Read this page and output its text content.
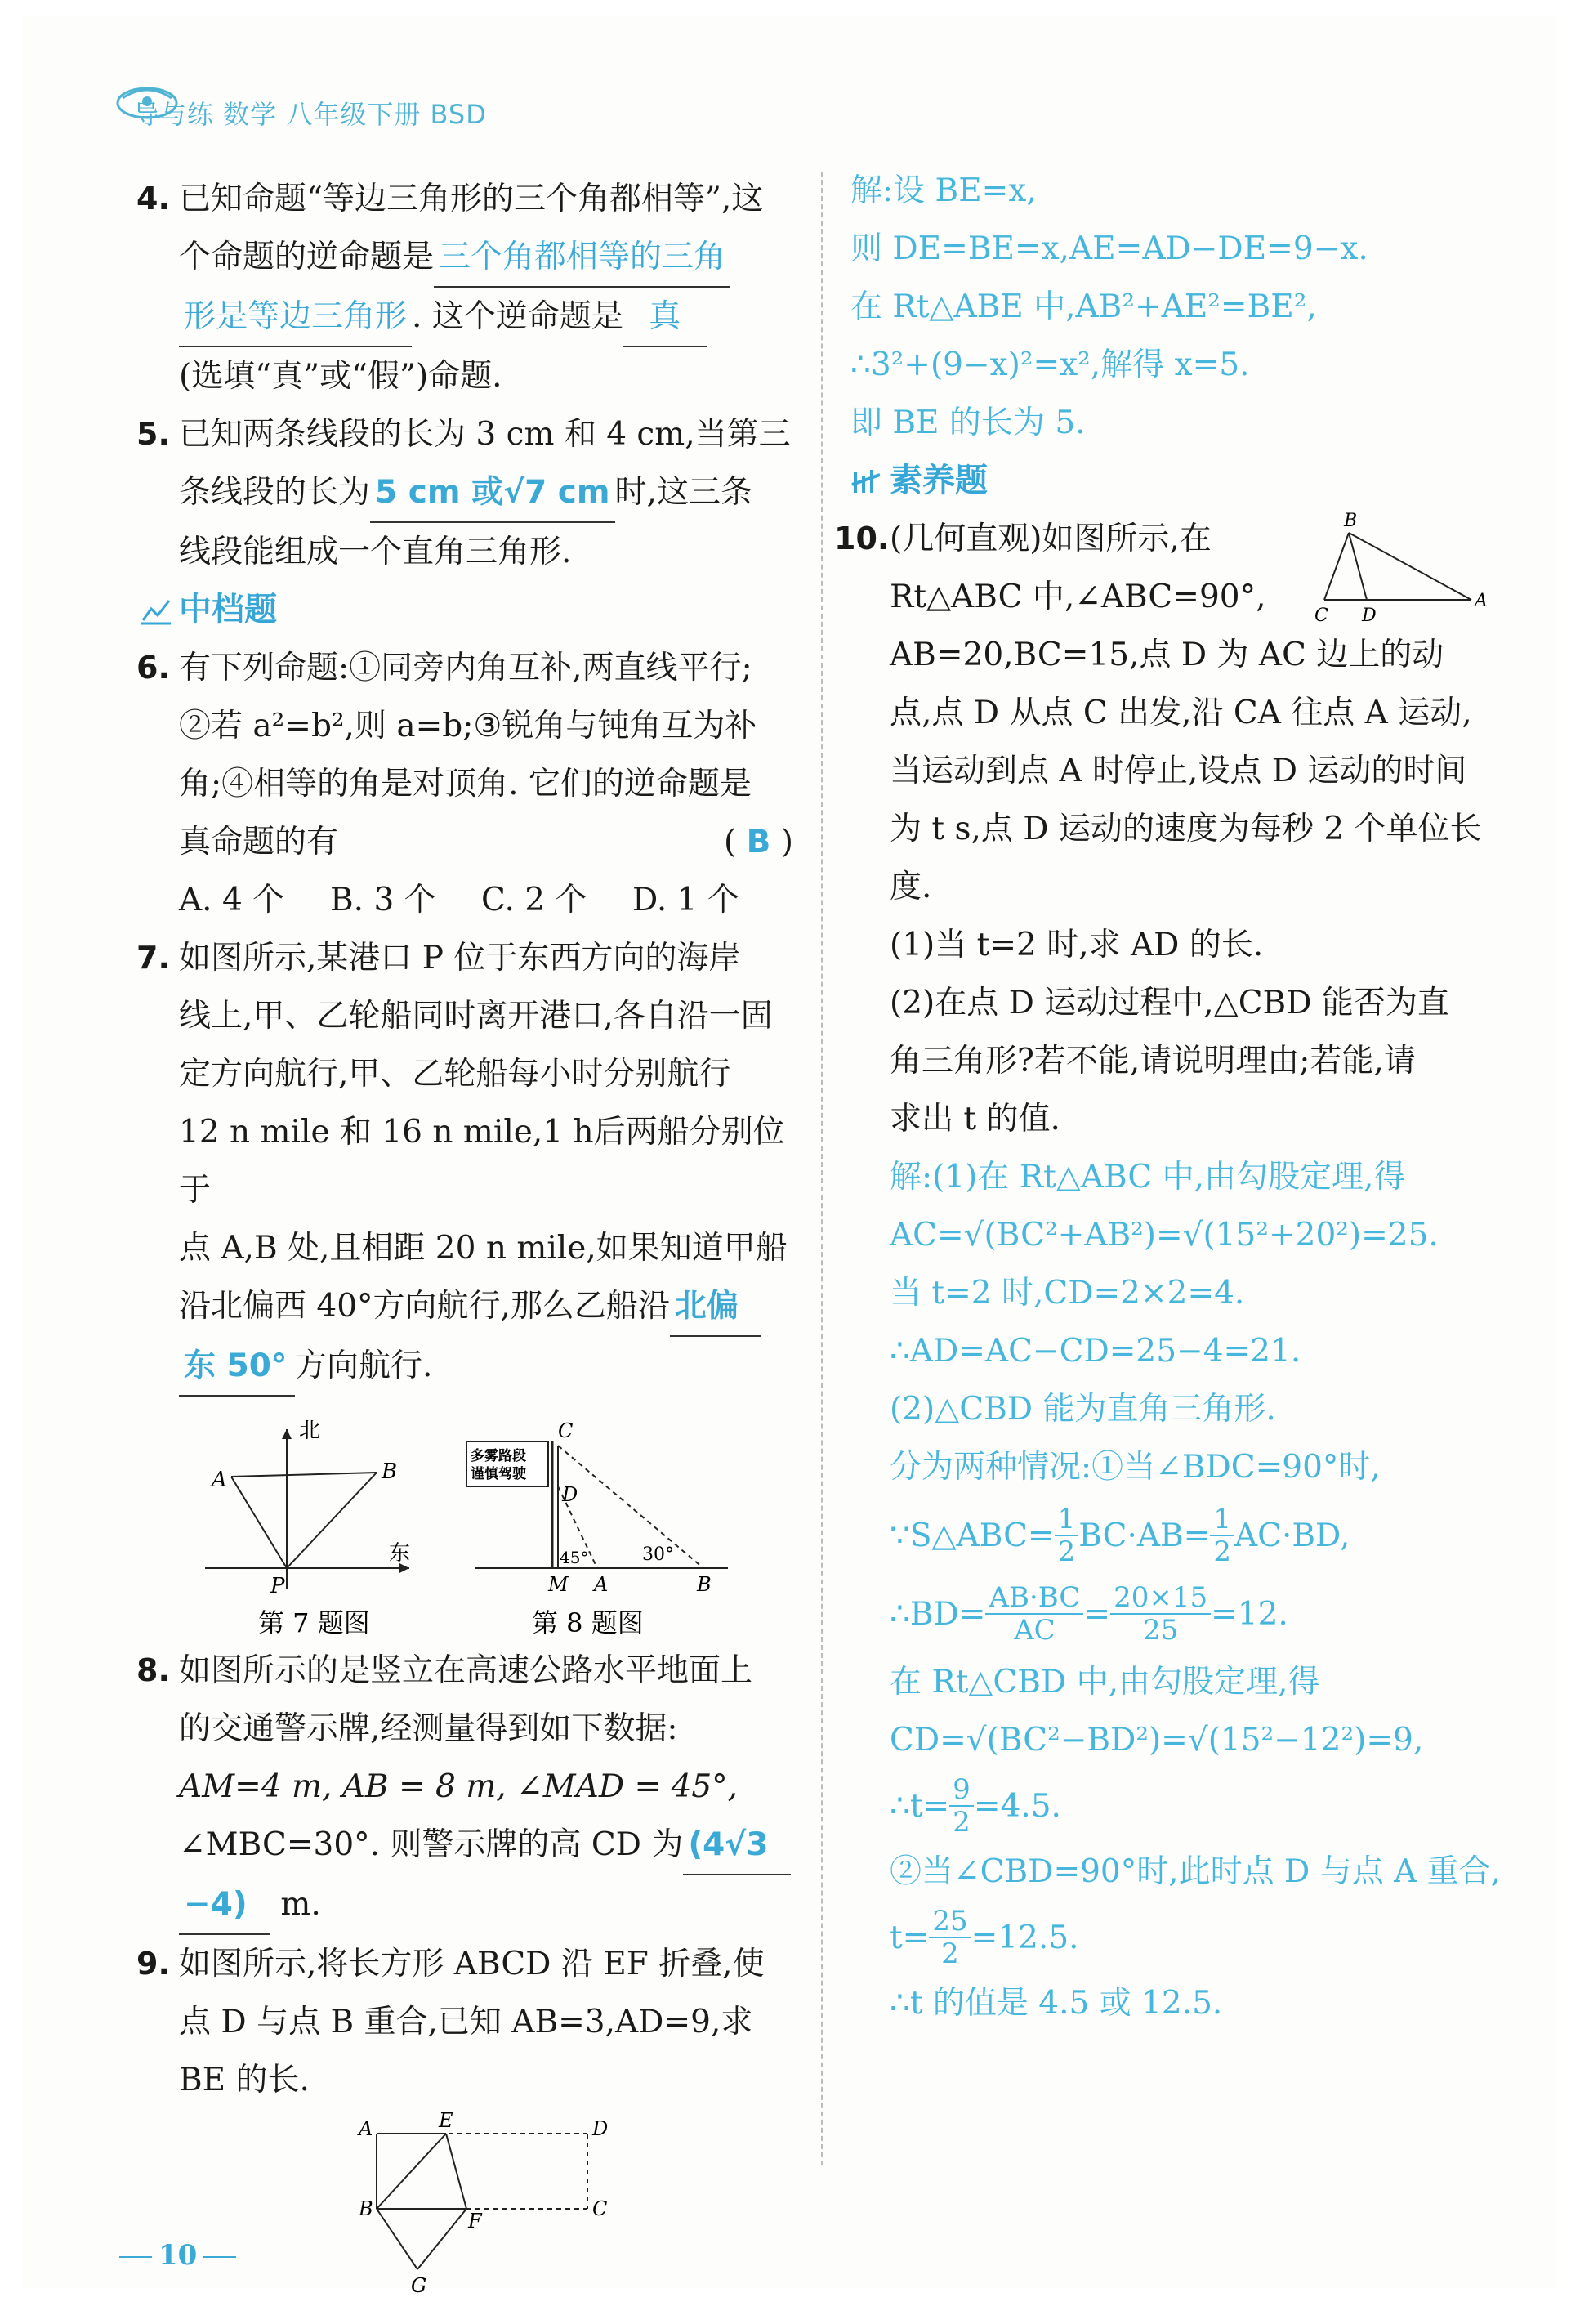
导与练 数学 八年级下册 BSD
4. 已知命题“等边三角形的三个角都相等”,这
个命题的逆命题是 三个角都相等的三角
形是等边三角形 . 这个逆命题是 真
(选填“真”或“假”)命题.
5. 已知两条线段的长为 3 cm 和 4 cm,当第三
条线段的长为 5 cm 或√7 cm 时,这三条
线段能组成一个直角三角形.
中档题
6. 有下列命题:①同旁内角互补,两直线平行;
②若 a²=b²,则 a=b;③锐角与钝角互为补
角;④相等的角是对顶角. 它们的逆命题是
真命题的有	( B )
A. 4 个 B. 3 个 C. 2 个 D. 1 个
7. 如图所示,某港口 P 位于东西方向的海岸
线上,甲、乙轮船同时离开港口,各自沿一固
定方向航行,甲、乙轮船每小时分别航行
12 n mile 和 16 n mile,1 h后两船分别位于
点 A,B 处,且相距 20 n mile,如果知道甲船
沿北偏西 40°方向航行,那么乙船沿 北偏
东 50° 方向航行.
北
东
A	B
P
第 7 题图
多雾路段
谨慎驾驶
C
D
M A	B
45°	30°
第 8 题图
8. 如图所示的是竖立在高速公路水平地面上
的交通警示牌,经测量得到如下数据:
AM=4 m, AB = 8 m, ∠MAD = 45°,
∠MBC=30°. 则警示牌的高 CD 为 (4√3
−4) m.
9. 如图所示,将长方形 ABCD 沿 EF 折叠,使
点 D 与点 B 重合,已知 AB=3,AD=9,求
BE 的长.
A	E	D
B
F
C
G
解:设 BE=x,
则 DE=BE=x,AE=AD−DE=9−x.
在 Rt△ABE 中,AB²+AE²=BE²,
∴3²+(9−x)²=x²,解得 x=5.
即 BE 的长为 5.
素养题
10.	B
C D
A
(几何直观)如图所示,在
Rt△ABC 中,∠ABC=90°,
AB=20,BC=15,点 D 为 AC 边上的动
点,点 D 从点 C 出发,沿 CA 往点 A 运动,
当运动到点 A 时停止,设点 D 运动的时间
为 t s,点 D 运动的速度为每秒 2 个单位长
度.
(1)当 t=2 时,求 AD 的长.
(2)在点 D 运动过程中,△CBD 能否为直
角三角形?若不能,请说明理由;若能,请
求出 t 的值.
解:(1)在 Rt△ABC 中,由勾股定理,得
AC=√(BC²+AB²)=√(15²+20²)=25.
当 t=2 时,CD=2×2=4.
∴AD=AC−CD=25−4=21.
(2)△CBD 能为直角三角形.
分为两种情况:①当∠BDC=90°时,
∵S△ABC= $\frac{1}{2} BC\cdot AB= \frac{1}{2} AC\cdot BD$,
∴BD= $\frac{AB\cdot BC}{AC} = \frac{20\times 15}{25} =12$.
在 Rt△CBD 中,由勾股定理,得
CD=√(BC²−BD²)=√(15²−12²)=9,
∴t= $\frac{9}{2} =4.5$.
②当∠CBD=90°时,此时点 D 与点 A 重合,
$t= \frac{25}{2} =12.5$.
∴t 的值是 4.5 或 12.5.
10
